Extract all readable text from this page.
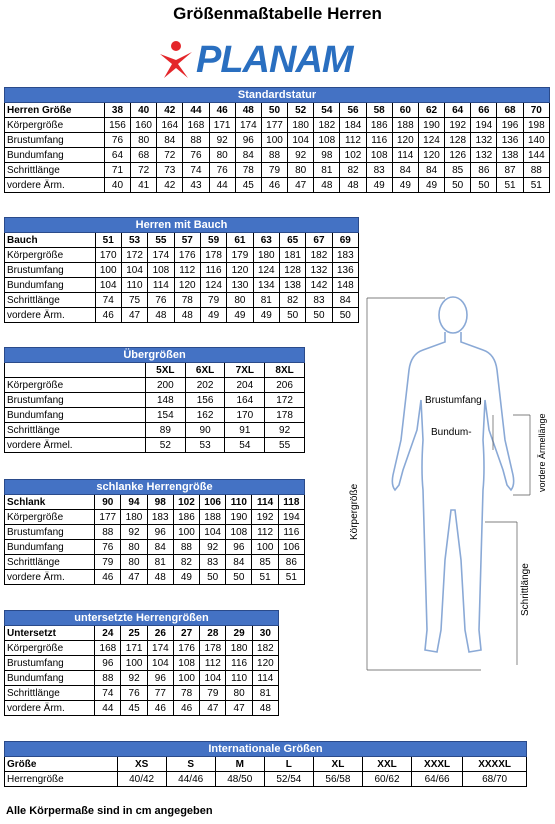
Größenmaßtabelle Herren
PLANAM
Standardstatur																	
Herren Größe	38	40	42	44	46	48	50	52	54	56	58	60	62	64	66	68	70
Körpergröße	156	160	164	168	171	174	177	180	182	184	186	188	190	192	194	196	198
Brustumfang	76	80	84	88	92	96	100	104	108	112	116	120	124	128	132	136	140
Bundumfang	64	68	72	76	80	84	88	92	98	102	108	114	120	126	132	138	144
Schrittlänge	71	72	73	74	76	78	79	80	81	82	83	84	84	85	86	87	88
vordere Ärm.	40	41	42	43	44	45	46	47	48	48	49	49	49	50	50	51	51
Herren mit Bauch										
Bauch	51	53	55	57	59	61	63	65	67	69
Körpergröße	170	172	174	176	178	179	180	181	182	183
Brustumfang	100	104	108	112	116	120	124	128	132	136
Bundumfang	104	110	114	120	124	130	134	138	142	148
Schrittlänge	74	75	76	78	79	80	81	82	83	84
vordere Ärm.	46	47	48	48	49	49	49	50	50	50
Übergrößen				
	5XL	6XL	7XL	8XL
Körpergröße	200	202	204	206
Brustumfang	148	156	164	172
Bundumfang	154	162	170	178
Schrittlänge	89	90	91	92
vordere Ärmel.	52	53	54	55
schlanke Herrengröße								
Schlank	90	94	98	102	106	110	114	118
Körpergröße	177	180	183	186	188	190	192	194
Brustumfang	88	92	96	100	104	108	112	116
Bundumfang	76	80	84	88	92	96	100	106
Schrittlänge	79	80	81	82	83	84	85	86
vordere Ärm.	46	47	48	49	50	50	51	51
untersetzte Herrengrößen							
Untersetzt	24	25	26	27	28	29	30
Körpergröße	168	171	174	176	178	180	182
Brustumfang	96	100	104	108	112	116	120
Bundumfang	88	92	96	100	104	110	114
Schrittlänge	74	76	77	78	79	80	81
vordere Ärm.	44	45	46	46	47	47	48
Internationale Größen								
Größe	XS	S	M	L	XL	XXL	XXXL	XXXXL
Herrengröße	40/42	44/46	48/50	52/54	56/58	60/62	64/66	68/70
Brustumfang
Bundum-
Körpergröße
vordere Ärmellänge
Schrittlänge
Alle Körpermaße sind in cm angegeben
